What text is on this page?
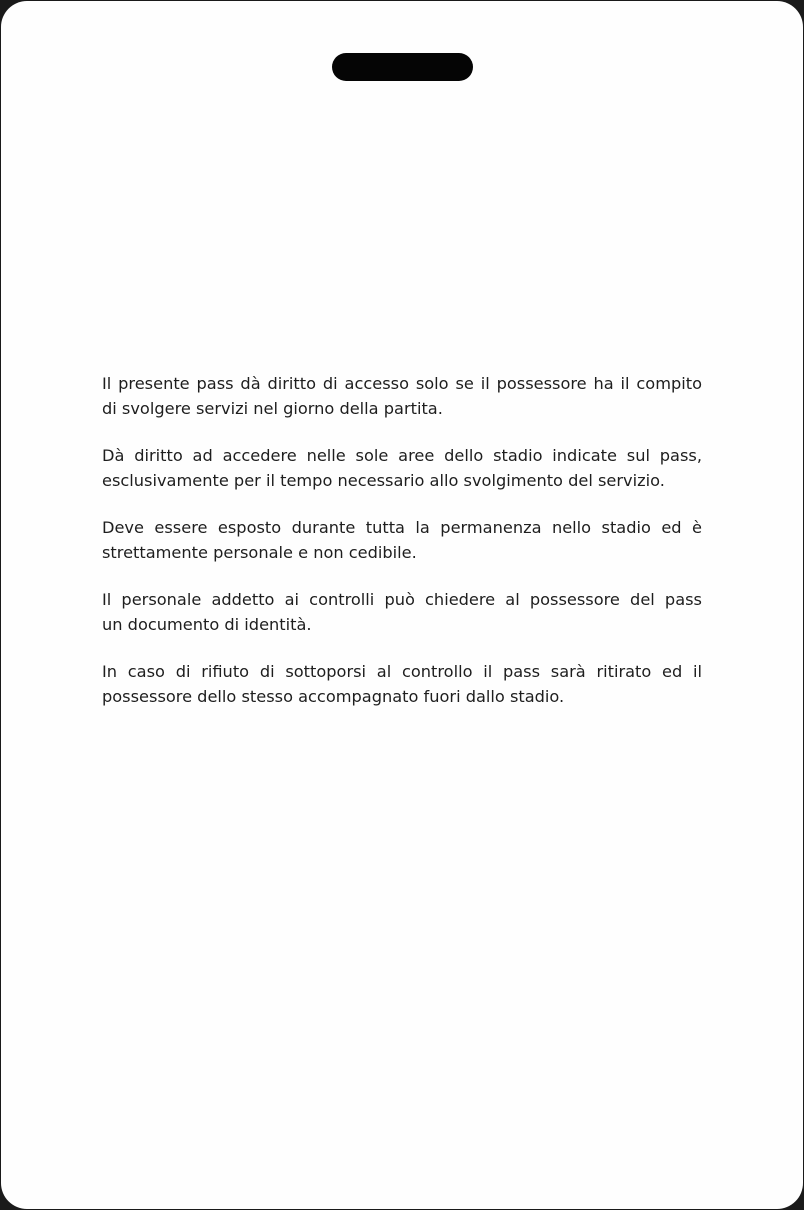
Il presente pass dà diritto di accesso solo se il possessore ha il compito
di svolgere servizi nel giorno della partita.

Dà diritto ad accedere nelle sole aree dello stadio indicate sul pass,
esclusivamente per il tempo necessario allo svolgimento del servizio.

Deve essere esposto durante tutta la permanenza nello stadio ed è
strettamente personale e non cedibile.

Il personale addetto ai controlli può chiedere al possessore del pass
un documento di identità.

In caso di rifiuto di sottoporsi al controllo il pass sarà ritirato ed il
possessore dello stesso accompagnato fuori dallo stadio.
